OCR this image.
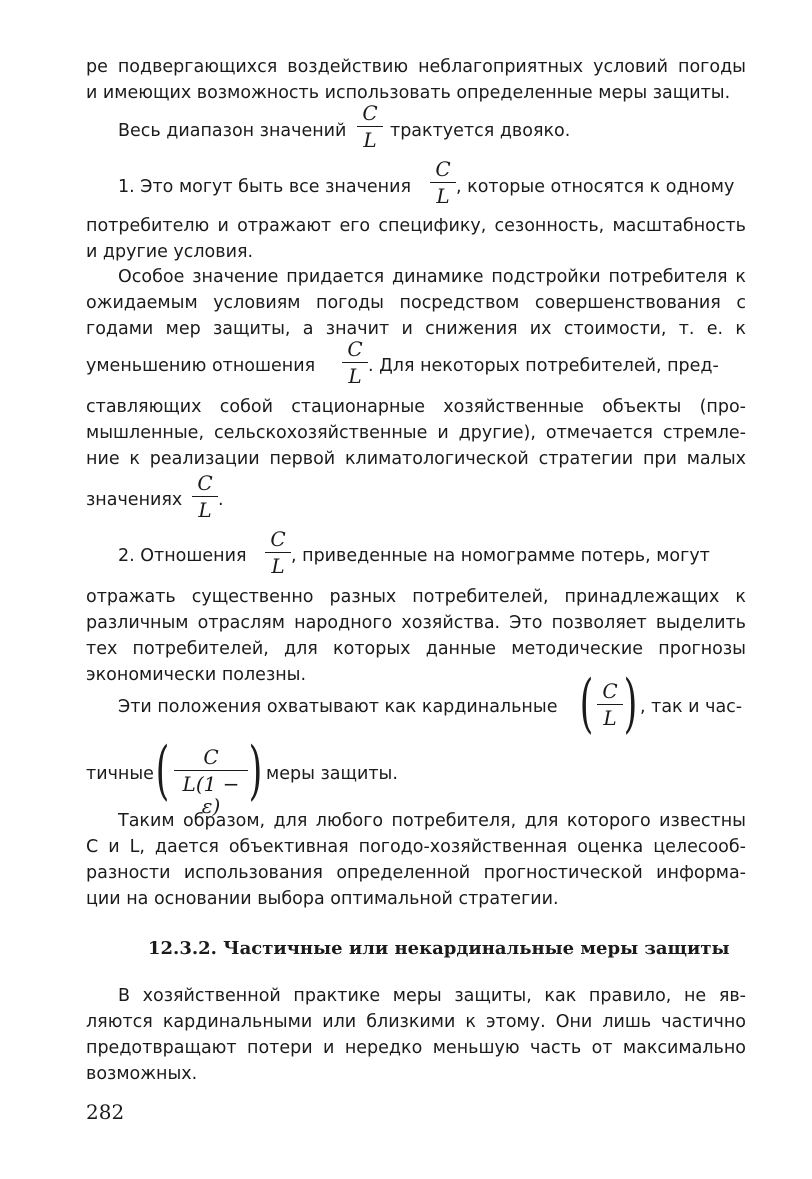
ре подвергающихся воздействию неблагоприятных условий погоды
и имеющих возможность использовать определенные меры защиты.
Весь диапазон значений
C
L трактуется двояко.
1. Это могут быть все значения
C
L , которые относятся к одному
потребителю и отражают его специфику, сезонность, масштабность
и другие условия.
Особое значение придается динамике подстройки потребителя к
ожидаемым условиям погоды посредством совершенствования с
годами мер защиты, а значит и снижения их стоимости, т. е. к
уменьшению отношения
C
L . Для некоторых потребителей, пред-
ставляющих собой стационарные хозяйственные объекты (про-
мышленные, сельскохозяйственные и другие), отмечается стремле-
ние к реализации первой климатологической стратегии при малых
значениях
C
L .
2. Отношения
C
L , приведенные на номограмме потерь, могут
отражать существенно разных потребителей, принадлежащих к
различным отраслям народного хозяйства. Это позволяет выделить
тех потребителей, для которых данные методические прогнозы
экономически полезны.
Эти положения охватывают как кардинальные ( C
L ) , так и час-
тичные (	C
L(1 − ε) ) меры защиты.
Таким образом, для любого потребителя, для которого известны
C и L, дается объективная погодо-хозяйственная оценка целесооб-
разности использования определенной прогностической информа-
ции на основании выбора оптимальной стратегии.
12.3.2. Частичные или некардинальные меры защиты
В хозяйственной практике меры защиты, как правило, не яв-
ляются кардинальными или близкими к этому. Они лишь частично
предотвращают потери и нередко меньшую часть от максимально
возможных.
282
